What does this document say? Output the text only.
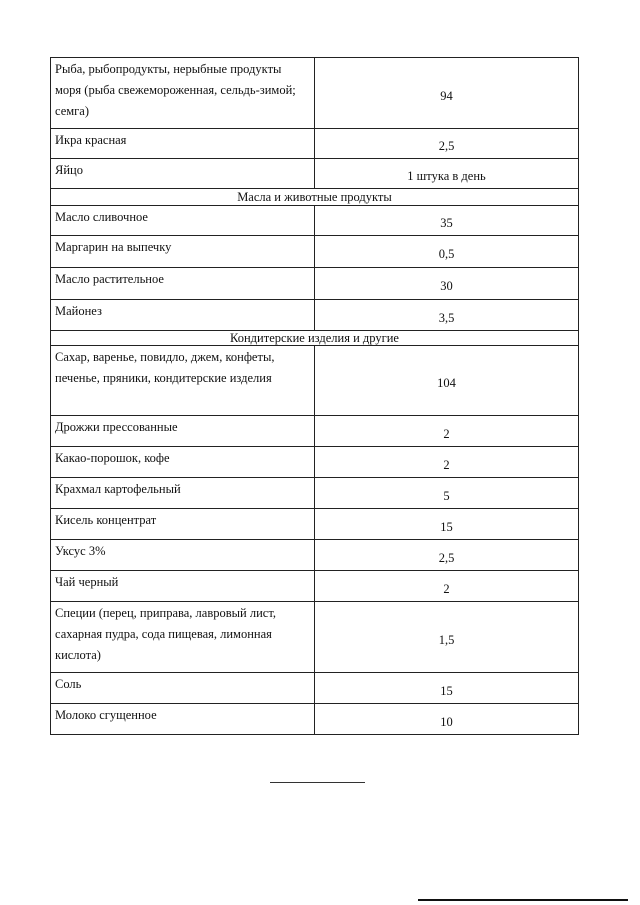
Рыба, рыбопродукты, нерыбные продукты моря (рыба свежемороженная, сельдь-зимой; семга)	94
Икра красная	2,5
Яйцо	1 штука в день
Масла и животные продукты	
Масло сливочное	35
Маргарин на выпечку	0,5
Масло растительное	30
Майонез	3,5
Кондитерские изделия и другие	
Сахар, варенье, повидло, джем, конфеты, печенье, пряники, кондитерские изделия	104
Дрожжи прессованные	2
Какао-порошок, кофе	2
Крахмал картофельный	5
Кисель концентрат	15
Уксус 3%	2,5
Чай черный	2
Специи (перец, приправа, лавровый лист, сахарная пудра, сода пищевая, лимонная кислота)	1,5
Соль	15
Молоко сгущенное	10
